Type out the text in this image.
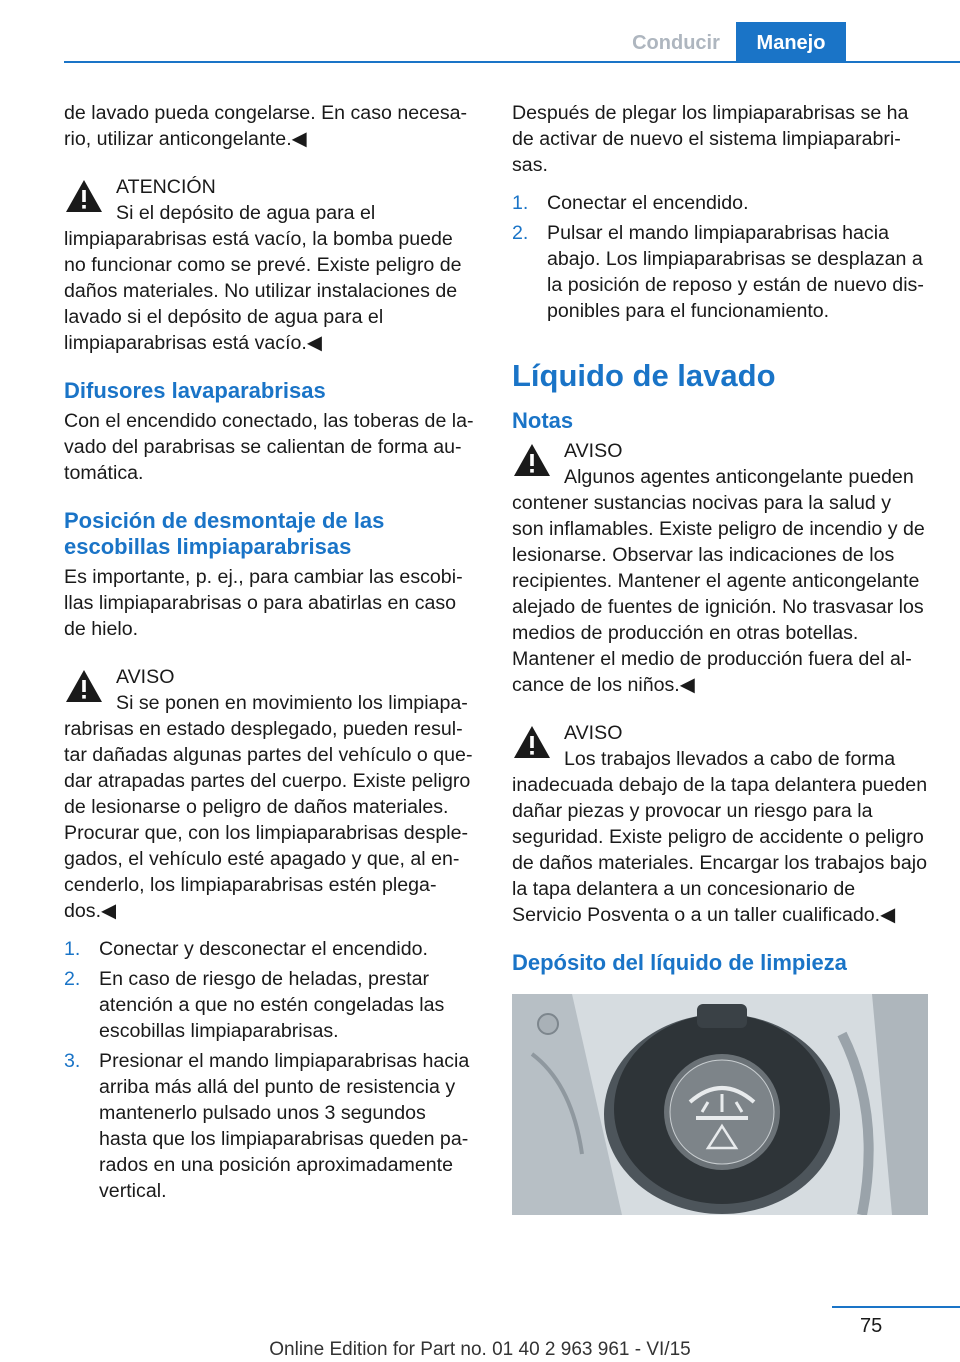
Conducir	Manejo

de lavado pueda congelarse. En caso necesario, utilizar anticongelante.◀

ATENCIÓN
Si el depósito de agua para el limpiaparabrisas está vacío, la bomba puede no funcionar como se prevé. Existe peligro de daños materiales. No utilizar instalaciones de lavado si el depósito de agua para el limpiaparabrisas está vacío.◀
Difusores lavaparabrisas

Con el encendido conectado, las toberas de lavado del parabrisas se calientan de forma automática.

Posición de desmontaje de las escobillas limpiaparabrisas

Es importante, p. ej., para cambiar las escobillas limpiaparabrisas o para abatirlas en caso de hielo.

AVISO
Si se ponen en movimiento los limpiaparabrisas en estado desplegado, pueden resultar dañadas algunas partes del vehículo o quedar atrapadas partes del cuerpo. Existe peligro de lesionarse o peligro de daños materiales. Procurar que, con los limpiaparabrisas desplegados, el vehículo esté apagado y que, al encenderlo, los limpiaparabrisas estén plegados.◀
1. Conectar y desconectar el encendido.
2. En caso de riesgo de heladas, prestar atención a que no estén congeladas las escobillas limpiaparabrisas.
3. Presionar el mando limpiaparabrisas hacia arriba más allá del punto de resistencia y mantenerlo pulsado unos 3 segundos hasta que los limpiaparabrisas queden parados en una posición aproximadamente vertical.

Después de plegar los limpiaparabrisas se ha de activar de nuevo el sistema limpiaparabrisas.

1. Conectar el encendido.
2. Pulsar el mando limpiaparabrisas hacia abajo. Los limpiaparabrisas se desplazan a la posición de reposo y están de nuevo disponibles para el funcionamiento.
Líquido de lavado
Notas
AVISO
Algunos agentes anticongelante pueden contener sustancias nocivas para la salud y son inflamables. Existe peligro de incendio y de lesionarse. Observar las indicaciones de los recipientes. Mantener el agente anticongelante alejado de fuentes de ignición. No trasvasar los medios de producción en otras botellas. Mantener el medio de producción fuera del alcance de los niños.◀
AVISO
Los trabajos llevados a cabo de forma inadecuada debajo de la tapa delantera pueden dañar piezas y provocar un riesgo para la seguridad. Existe peligro de accidente o peligro de daños materiales. Encargar los trabajos bajo la tapa delantera a un concesionario de Servicio Posventa o a un taller cualificado.◀
Depósito del líquido de limpieza
75
Online Edition for Part no. 01 40 2 963 961 - VI/15
